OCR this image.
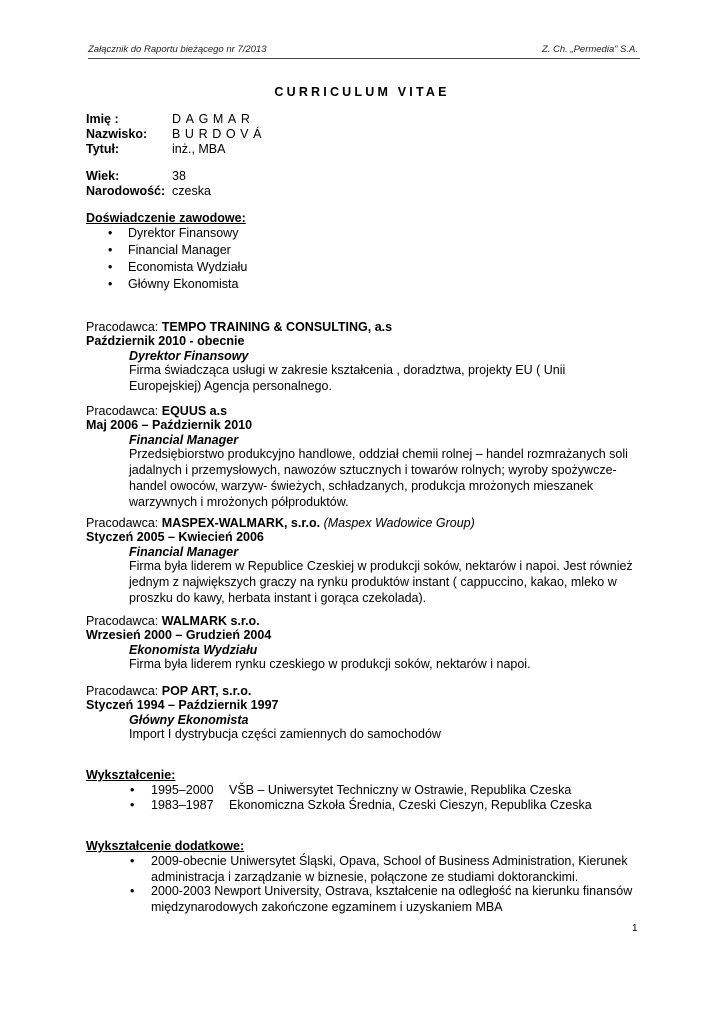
Załącznik do Raportu bieżącego nr 7/2013	Z. Ch. „Permedia” S.A.
CURRICULUM VITAE
Imię :	DAGMAR
Nazwisko: BURDOVÁ
Tytuł:	inż., MBA
Wiek:	38
Narodowość: czeska
Doświadczenie zawodowe:
• Dyrektor Finansowy
• Financial Manager
• Economista Wydziału
• Główny Ekonomista
Pracodawca: TEMPO TRAINING & CONSULTING, a.s
Październik 2010 - obecnie
Dyrektor Finansowy
Firma świadcząca usługi w zakresie kształcenia , doradztwa, projekty EU ( Unii Europejskiej) Agencja personalnego.
Pracodawca: EQUUS a.s
Maj 2006 – Październik 2010
Financial Manager
Przedsiębiorstwo produkcyjno handlowe, oddział chemii rolnej – handel rozmrażanych soli jadalnych i przemysłowych, nawozów sztucznych i towarów rolnych; wyroby spożywcze-handel owoców, warzyw- świeżych, schładzanych, produkcja mrożonych mieszanek warzywnych i mrożonych półproduktów.
Pracodawca: MASPEX-WALMARK, s.r.o. (Maspex Wadowice Group)
Styczeń 2005 – Kwiecień 2006
Financial Manager
Firma była liderem w Republice Czeskiej w produkcji soków, nektarów i napoi. Jest również jednym z największych graczy na rynku produktów instant ( cappuccino, kakao, mleko w proszku do kawy, herbata instant i gorąca czekolada).
Pracodawca: WALMARK s.r.o.
Wrzesień 2000 – Grudzień 2004
Ekonomista Wydziału
Firma była liderem rynku czeskiego w produkcji soków, nektarów i napoi.
Pracodawca: POP ART, s.r.o.
Styczeń 1994 – Październik 1997
Główny Ekonomista
Import I dystrybucja części zamiennych do samochodów
Wykształcenie:
• 1995–2000 VŠB – Uniwersytet Techniczny w Ostrawie, Republika Czeska
• 1983–1987 Ekonomiczna Szkoła Średnia, Czeski Cieszyn, Republika Czeska
Wykształcenie dodatkowe:
• 2009-obecnie Uniwersytet Śląski, Opava, School of Business Administration, Kierunek administracja i zarządzanie w biznesie, połączone ze studiami doktoranckimi.
• 2000-2003 Newport University, Ostrava, kształcenie na odległość na kierunku finansów międzynarodowych zakończone egzaminem i uzyskaniem MBA
1
